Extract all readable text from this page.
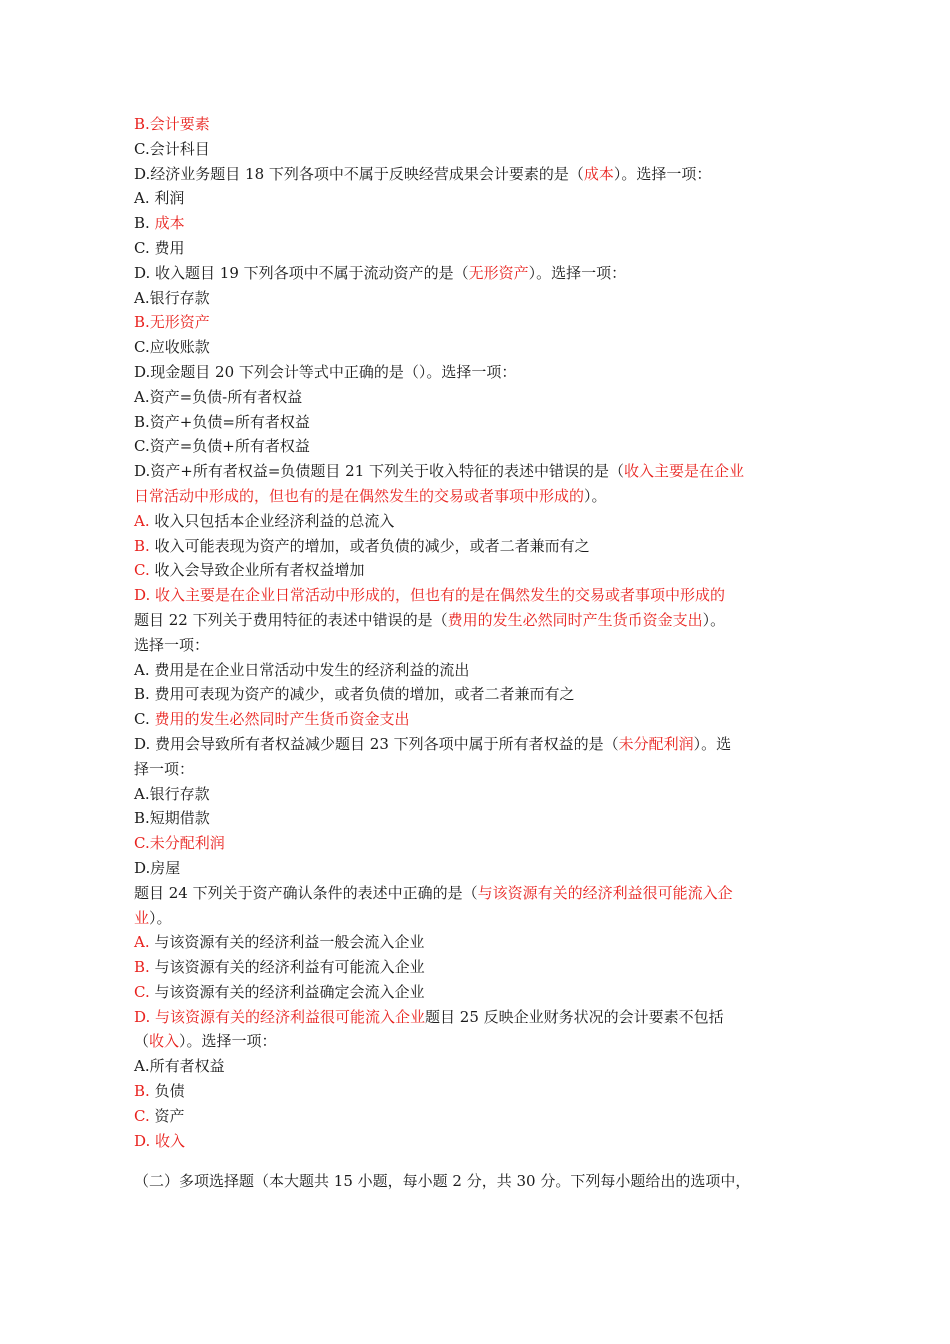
B.会计要素

C.会计科目

D.经济业务题目 18 下列各项中不属于反映经营成果会计要素的是（成本）。选择一项：

A. 利润

B. 成本

C. 费用

D. 收入题目 19 下列各项中不属于流动资产的是（无形资产）。选择一项：

A.银行存款

B.无形资产

C.应收账款

D.现金题目 20 下列会计等式中正确的是（）。选择一项：

A.资产=负债-所有者权益

B.资产+负债=所有者权益

C.资产=负债+所有者权益

D.资产+所有者权益=负债题目 21 下列关于收入特征的表述中错误的是（收入主要是在企业

日常活动中形成的，但也有的是在偶然发生的交易或者事项中形成的）。

A. 收入只包括本企业经济利益的总流入

B. 收入可能表现为资产的增加，或者负债的减少，或者二者兼而有之

C. 收入会导致企业所有者权益增加

D. 收入主要是在企业日常活动中形成的，但也有的是在偶然发生的交易或者事项中形成的

题目 22 下列关于费用特征的表述中错误的是（费用的发生必然同时产生货币资金支出）。

选择一项：

A. 费用是在企业日常活动中发生的经济利益的流出

B. 费用可表现为资产的减少，或者负债的增加，或者二者兼而有之

C. 费用的发生必然同时产生货币资金支出

D. 费用会导致所有者权益减少题目 23 下列各项中属于所有者权益的是（未分配利润）。选

择一项：

A.银行存款

B.短期借款

C.未分配利润

D.房屋

题目 24 下列关于资产确认条件的表述中正确的是（与该资源有关的经济利益很可能流入企

业）。

A. 与该资源有关的经济利益一般会流入企业

B. 与该资源有关的经济利益有可能流入企业

C. 与该资源有关的经济利益确定会流入企业

D. 与该资源有关的经济利益很可能流入企业题目 25 反映企业财务状况的会计要素不包括

（收入）。选择一项：

A.所有者权益

B. 负债

C. 资产

D. 收入

（二）多项选择题（本大题共 15 小题，每小题 2 分，共 30 分。下列每小题给出的选项中，
